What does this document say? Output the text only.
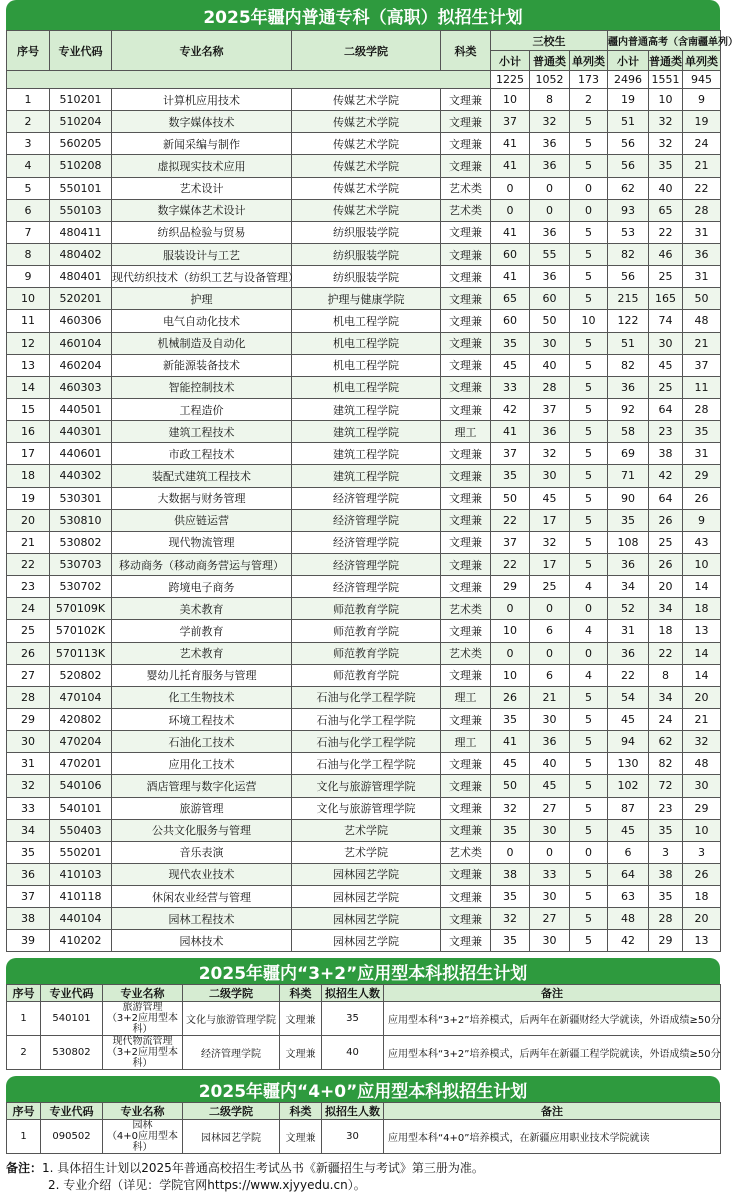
2025年疆内普通专科（高职）拟招生计划
序号	专业代码	专业名称	二级学院	科类	三校生			疆内普通高考（含南疆单列）		
					小计	普通类	单列类	小计	普通类	单列类
					1225	1052	173	2496	1551	945
1	510201	计算机应用技术	传媒艺术学院	文理兼	10	8	2	19	10	9
2	510204	数字媒体技术	传媒艺术学院	文理兼	37	32	5	51	32	19
3	560205	新闻采编与制作	传媒艺术学院	文理兼	41	36	5	56	32	24
4	510208	虚拟现实技术应用	传媒艺术学院	文理兼	41	36	5	56	35	21
5	550101	艺术设计	传媒艺术学院	艺术类	0	0	0	62	40	22
6	550103	数字媒体艺术设计	传媒艺术学院	艺术类	0	0	0	93	65	28
7	480411	纺织品检验与贸易	纺织服装学院	文理兼	41	36	5	53	22	31
8	480402	服装设计与工艺	纺织服装学院	文理兼	60	55	5	82	46	36
9	480401	现代纺织技术（纺织工艺与设备管理）	纺织服装学院	文理兼	41	36	5	56	25	31
10	520201	护理	护理与健康学院	文理兼	65	60	5	215	165	50
11	460306	电气自动化技术	机电工程学院	文理兼	60	50	10	122	74	48
12	460104	机械制造及自动化	机电工程学院	文理兼	35	30	5	51	30	21
13	460204	新能源装备技术	机电工程学院	文理兼	45	40	5	82	45	37
14	460303	智能控制技术	机电工程学院	文理兼	33	28	5	36	25	11
15	440501	工程造价	建筑工程学院	文理兼	42	37	5	92	64	28
16	440301	建筑工程技术	建筑工程学院	理工	41	36	5	58	23	35
17	440601	市政工程技术	建筑工程学院	文理兼	37	32	5	69	38	31
18	440302	装配式建筑工程技术	建筑工程学院	文理兼	35	30	5	71	42	29
19	530301	大数据与财务管理	经济管理学院	文理兼	50	45	5	90	64	26
20	530810	供应链运营	经济管理学院	文理兼	22	17	5	35	26	9
21	530802	现代物流管理	经济管理学院	文理兼	37	32	5	108	25	43
22	530703	移动商务（移动商务营运与管理）	经济管理学院	文理兼	22	17	5	36	26	10
23	530702	跨境电子商务	经济管理学院	文理兼	29	25	4	34	20	14
24	570109K	美术教育	师范教育学院	艺术类	0	0	0	52	34	18
25	570102K	学前教育	师范教育学院	文理兼	10	6	4	31	18	13
26	570113K	艺术教育	师范教育学院	艺术类	0	0	0	36	22	14
27	520802	婴幼儿托育服务与管理	师范教育学院	文理兼	10	6	4	22	8	14
28	470104	化工生物技术	石油与化学工程学院	理工	26	21	5	54	34	20
29	420802	环境工程技术	石油与化学工程学院	文理兼	35	30	5	45	24	21
30	470204	石油化工技术	石油与化学工程学院	理工	41	36	5	94	62	32
31	470201	应用化工技术	石油与化学工程学院	文理兼	45	40	5	130	82	48
32	540106	酒店管理与数字化运营	文化与旅游管理学院	文理兼	50	45	5	102	72	30
33	540101	旅游管理	文化与旅游管理学院	文理兼	32	27	5	87	23	29
34	550403	公共文化服务与管理	艺术学院	文理兼	35	30	5	45	35	10
35	550201	音乐表演	艺术学院	艺术类	0	0	0	6	3	3
36	410103	现代农业技术	园林园艺学院	文理兼	38	33	5	64	38	26
37	410118	休闲农业经营与管理	园林园艺学院	文理兼	35	30	5	63	35	18
38	440104	园林工程技术	园林园艺学院	文理兼	32	27	5	48	28	20
39	410202	园林技术	园林园艺学院	文理兼	35	30	5	42	29	13
2025年疆内“3+2”应用型本科拟招生计划
序号	专业代码	专业名称	二级学院	科类	拟招生人数	备注
1	540101	旅游管理
（3+2应用型本科）	文化与旅游管理学院	文理兼	35	应用型本科“3+2”培养模式，后两年在新疆财经大学就读，外语成绩≥50分
2	530802	现代物流管理
（3+2应用型本科）	经济管理学院	文理兼	40	应用型本科“3+2”培养模式，后两年在新疆工程学院就读，外语成绩≥50分
2025年疆内“4+0”应用型本科拟招生计划
序号	专业代码	专业名称	二级学院	科类	拟招生人数	备注
1	090502	园林
（4+0应用型本科）	园林园艺学院	文理兼	30	应用型本科“4+0”培养模式，在新疆应用职业技术学院就读
备注：1. 具体招生计划以2025年普通高校招生考试丛书《新疆招生与考试》第三册为准。
2. 专业介绍（详见：学院官网https://www.xjyyedu.cn）。
